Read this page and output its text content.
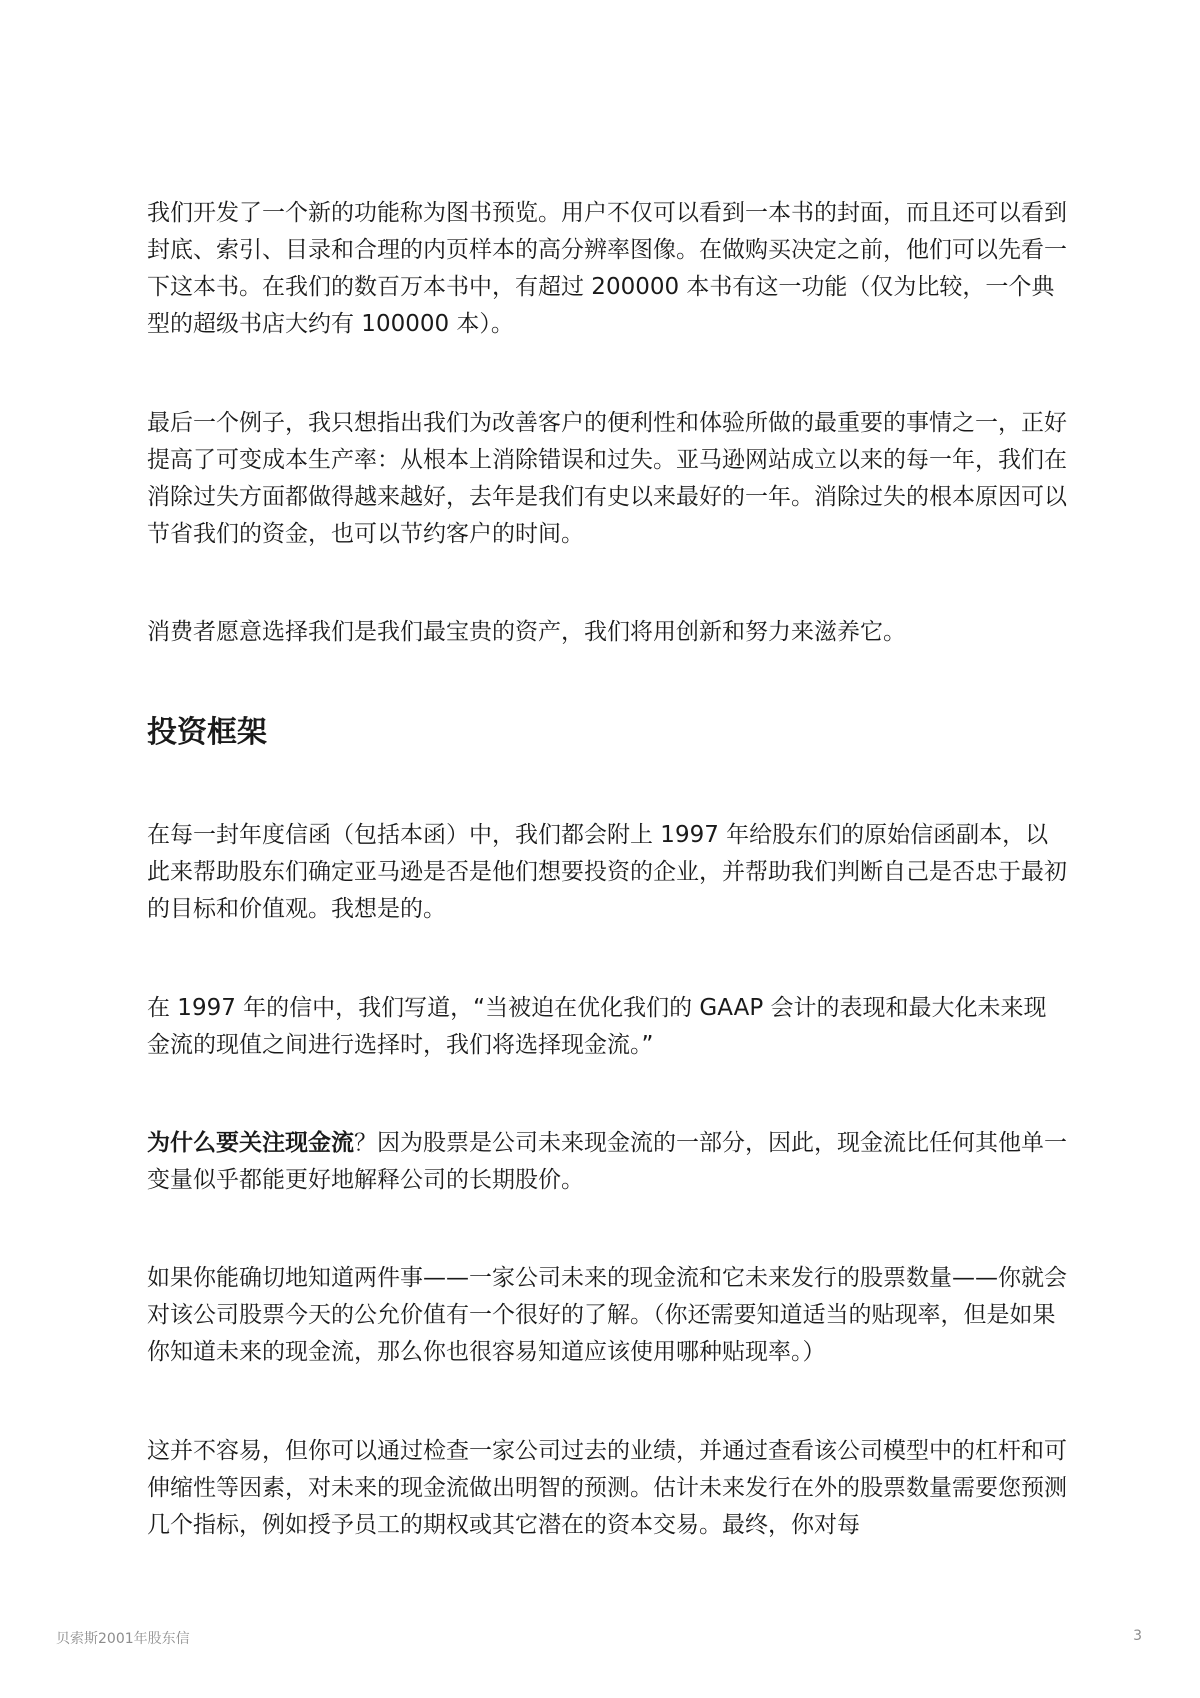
我们开发了一个新的功能称为图书预览。用户不仅可以看到一本书的封面，而且还可以看到封底、索引、目录和合理的内页样本的高分辨率图像。在做购买决定之前，他们可以先看一下这本书。在我们的数百万本书中，有超过 200000 本书有这一功能（仅为比较，一个典型的超级书店大约有 100000 本）。

最后一个例子，我只想指出我们为改善客户的便利性和体验所做的最重要的事情之一，正好提高了可变成本生产率：从根本上消除错误和过失。亚马逊网站成立以来的每一年，我们在消除过失方面都做得越来越好，去年是我们有史以来最好的一年。消除过失的根本原因可以节省我们的资金，也可以节约客户的时间。

消费者愿意选择我们是我们最宝贵的资产，我们将用创新和努力来滋养它。

投资框架

在每一封年度信函（包括本函）中，我们都会附上 1997 年给股东们的原始信函副本，以此来帮助股东们确定亚马逊是否是他们想要投资的企业，并帮助我们判断自己是否忠于最初的目标和价值观。我想是的。

在 1997 年的信中，我们写道，“当被迫在优化我们的 GAAP 会计的表现和最大化未来现金流的现值之间进行选择时，我们将选择现金流。”

为什么要关注现金流？因为股票是公司未来现金流的一部分，因此，现金流比任何其他单一变量似乎都能更好地解释公司的长期股价。

如果你能确切地知道两件事——一家公司未来的现金流和它未来发行的股票数量——你就会对该公司股票今天的公允价值有一个很好的了解。（你还需要知道适当的贴现率，但是如果你知道未来的现金流，那么你也很容易知道应该使用哪种贴现率。）

这并不容易，但你可以通过检查一家公司过去的业绩，并通过查看该公司模型中的杠杆和可伸缩性等因素，对未来的现金流做出明智的预测。估计未来发行在外的股票数量需要您预测几个指标，例如授予员工的期权或其它潜在的资本交易。最终，你对每

贝索斯2001年股东信	3
